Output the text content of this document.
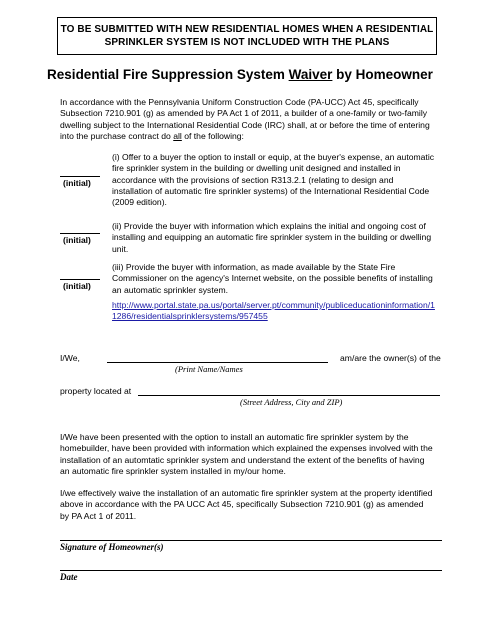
TO BE SUBMITTED WITH NEW RESIDENTIAL HOMES WHEN A RESIDENTIAL
SPRINKLER SYSTEM IS NOT INCLUDED WITH THE PLANS
Residential Fire Suppression System Waiver by Homeowner
In accordance with the Pennsylvania Uniform Construction Code (PA-UCC) Act 45, specifically
Subsection 7210.901 (g) as amended by PA Act 1 of 2011, a builder of a one-family or two-family
dwelling subject to the International Residential Code (IRC) shall, at or before the time of entering
into the purchase contract do all of the following:
(initial)
(i) Offer to a buyer the option to install or equip, at the buyer's expense, an automatic
fire sprinkler system in the building or dwelling unit designed and installed in
accordance with the provisions of section R313.2.1 (relating to design and
installation of automatic fire sprinkler systems) of the International Residential Code
(2009 edition).
(initial)
(ii) Provide the buyer with information which explains the initial and ongoing cost of
installing and equipping an automatic fire sprinkler system in the building or dwelling
unit.
(initial)
(iii) Provide the buyer with information, as made available by the State Fire
Commissioner on the agency's Internet website, on the possible benefits of installing
an automatic sprinkler system.
http://www.portal.state.pa.us/portal/server.pt/community/publiceducationinformation/1
1286/residentialsprinklersystems/957455
I/We,	am/are the owner(s) of the
(Print Name/Names
property located at
(Street Address, City and ZIP)
I/We have been presented with the option to install an automatic fire sprinkler system by the
homebuilder, have been provided with information which explained the expenses involved with the
installation of an automtatic sprinkler system and understand the extent of the benefits of having
an automatic fire sprinkler system installed in my/our home.
I/we effectively waive the installation of an automatic fire sprinkler system at the property identified
above in accordance with the PA UCC Act 45, specifically Subsection 7210.901 (g) as amended
by PA Act 1 of 2011.
Signature of Homeowner(s)
Date
